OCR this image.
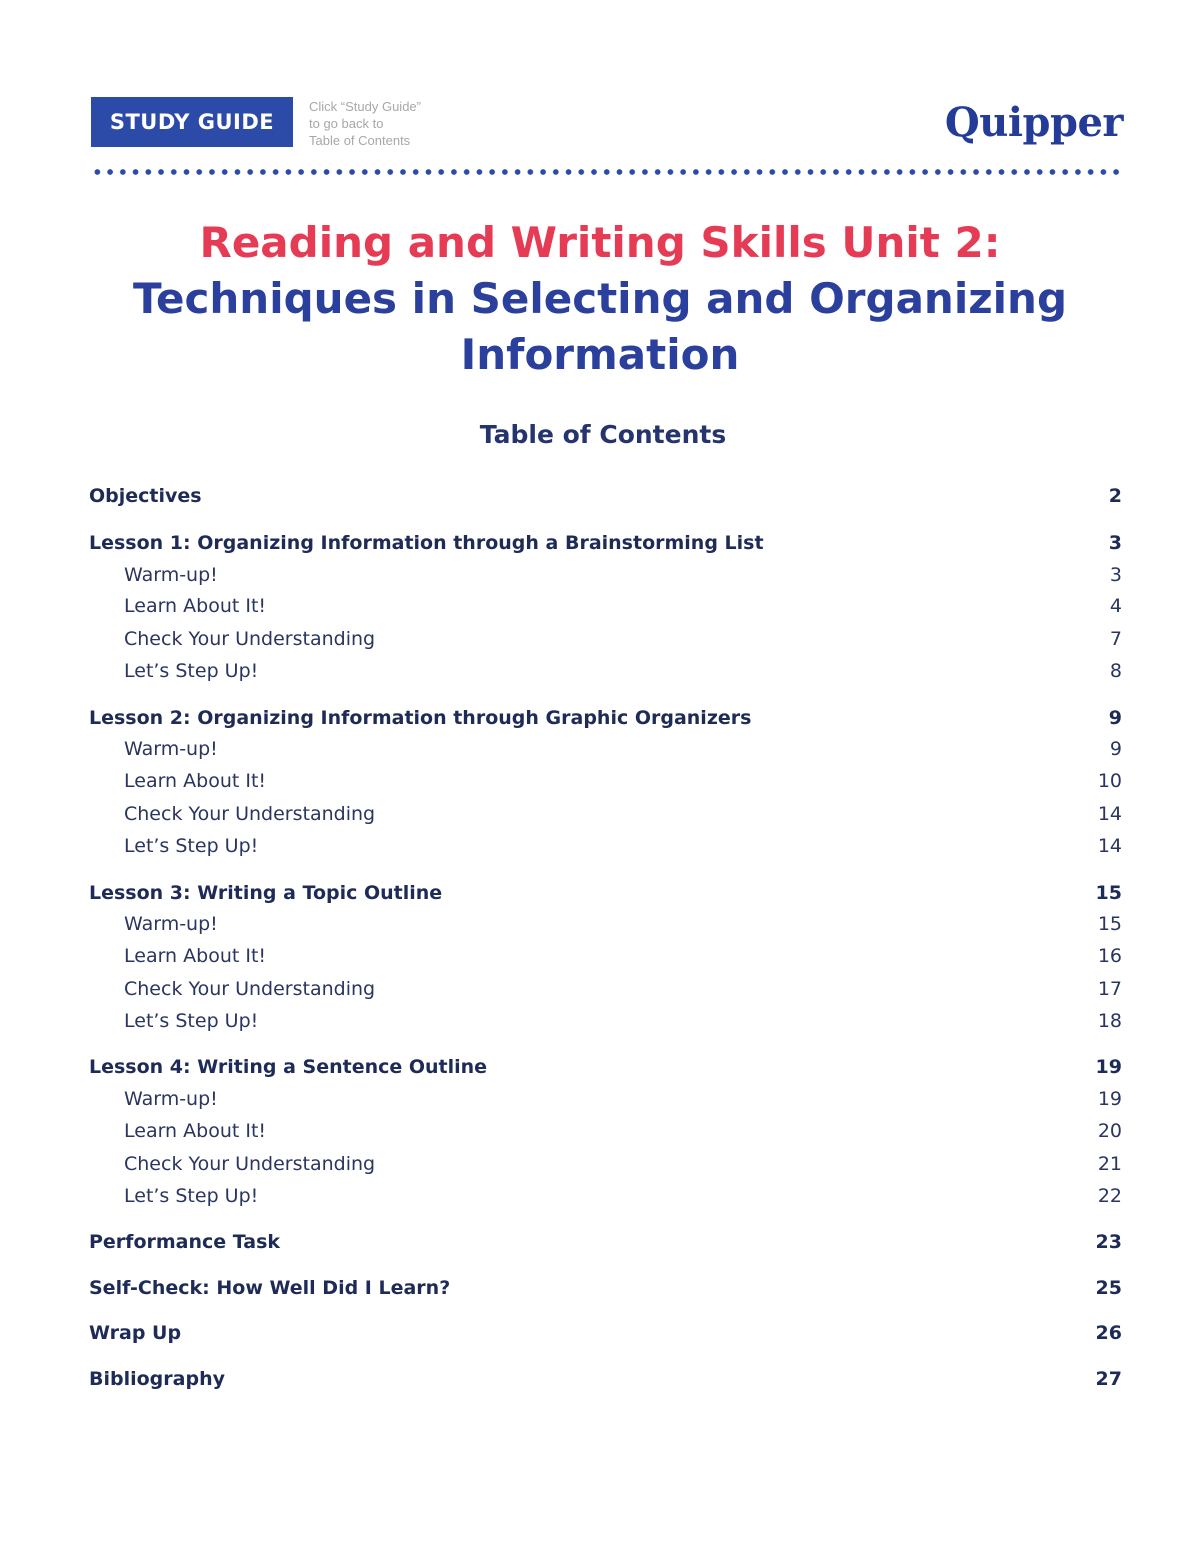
STUDY GUIDE
Click “Study Guide”
to go back to
Table of Contents	Quipper
Reading and Writing Skills Unit 2:
Techniques in Selecting and Organizing
Information
Table of Contents
Objectives	2
Lesson 1: Organizing Information through a Brainstorming List	3
Warm-up!	3
Learn About It!	4
Check Your Understanding	7
Let’s Step Up!	8
Lesson 2: Organizing Information through Graphic Organizers	9
Warm-up!	9
Learn About It!	10
Check Your Understanding	14
Let’s Step Up!	14
Lesson 3: Writing a Topic Outline	15
Warm-up!	15
Learn About It!	16
Check Your Understanding	17
Let’s Step Up!	18
Lesson 4: Writing a Sentence Outline	19
Warm-up!	19
Learn About It!	20
Check Your Understanding	21
Let’s Step Up!	22
Performance Task	23
Self-Check: How Well Did I Learn?	25
Wrap Up	26
Bibliography	27
